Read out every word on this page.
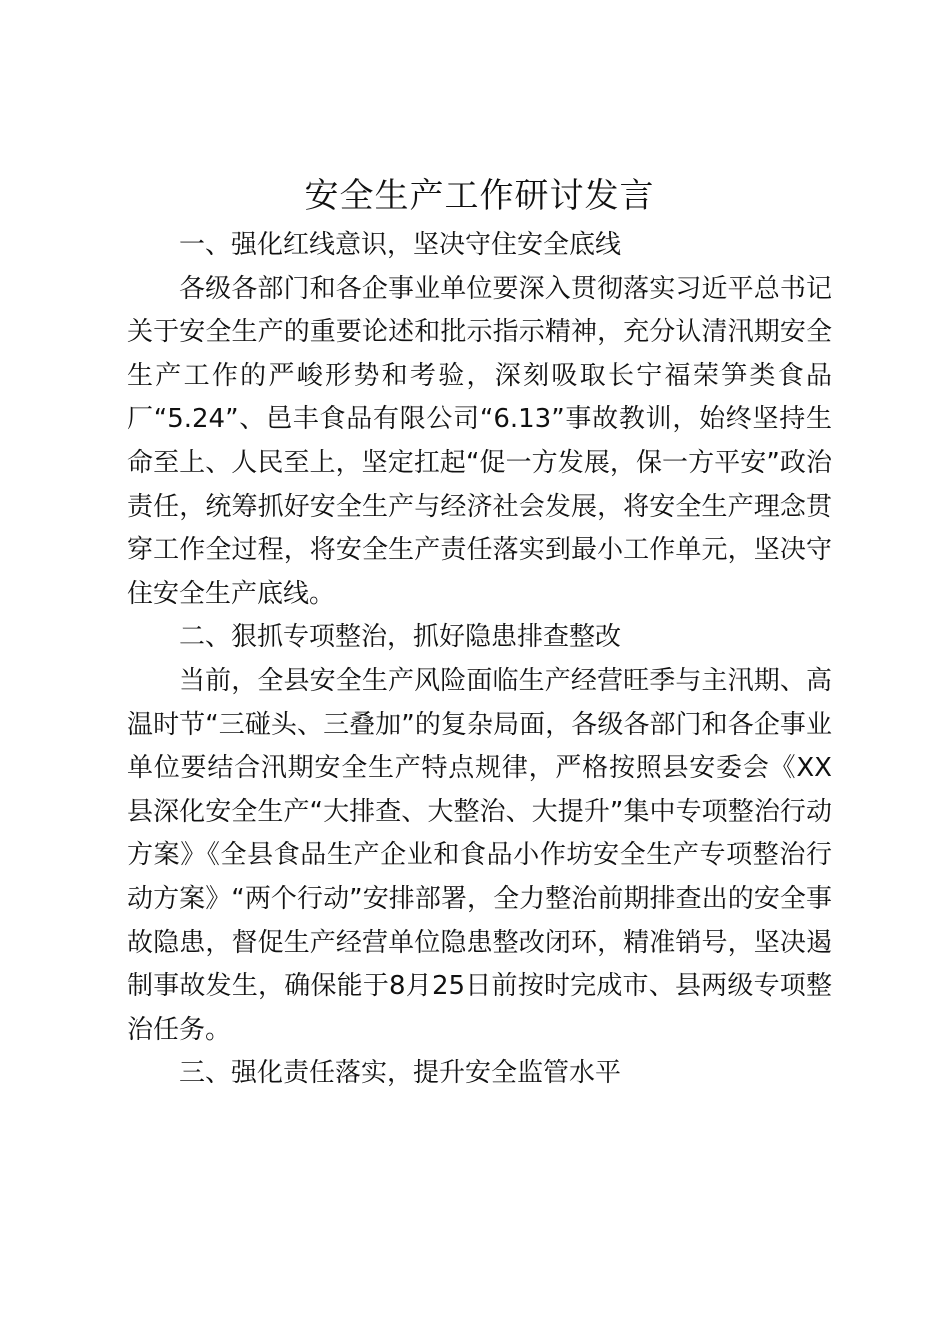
安全生产工作研讨发言

一、强化红线意识，坚决守住安全底线

各级各部门和各企事业单位要深入贯彻落实习近平总书记关于安全生产的重要论述和批示指示精神，充分认清汛期安全生产工作的严峻形势和考验，深刻吸取长宁福荣笋类食品厂“5.24”、邑丰食品有限公司“6.13”事故教训，始终坚持生命至上、人民至上，坚定扛起“促一方发展，保一方平安”政治责任，统筹抓好安全生产与经济社会发展，将安全生产理念贯穿工作全过程，将安全生产责任落实到最小工作单元，坚决守住安全生产底线。

二、狠抓专项整治，抓好隐患排查整改

当前，全县安全生产风险面临生产经营旺季与主汛期、高温时节“三碰头、三叠加”的复杂局面，各级各部门和各企事业单位要结合汛期安全生产特点规律，严格按照县安委会《XX县深化安全生产“大排查、大整治、大提升”集中专项整治行动方案》《全县食品生产企业和食品小作坊安全生产专项整治行动方案》“两个行动”安排部署，全力整治前期排查出的安全事故隐患，督促生产经营单位隐患整改闭环，精准销号，坚决遏制事故发生，确保能于8月25日前按时完成市、县两级专项整治任务。

三、强化责任落实，提升安全监管水平
